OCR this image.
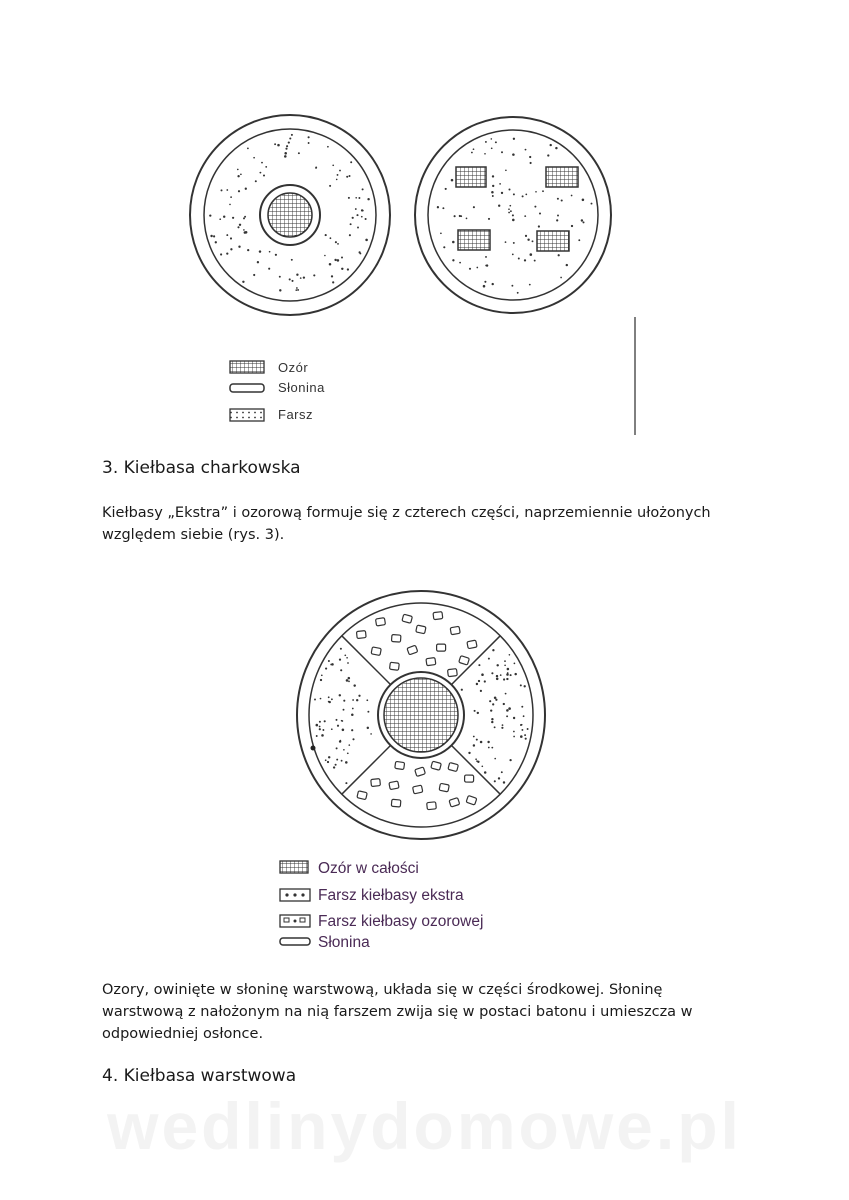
Ozór
Słonina
Farsz
3. Kiełbasa charkowska

Kiełbasy „Ekstra” i ozorową formuje się z czterech części, naprzemiennie ułożonych względem siebie (rys. 3).

Ozór w całości
Farsz kiełbasy ekstra
Farsz kiełbasy ozorowej
Słonina

Ozory, owinięte w słoninę warstwową, układa się w części środkowej. Słoninę warstwową z nałożonym na nią farszem zwija się w postaci batonu i umieszcza w odpowiedniej osłonce.

4. Kiełbasa warstwowa
wedlinydomowe.pl
